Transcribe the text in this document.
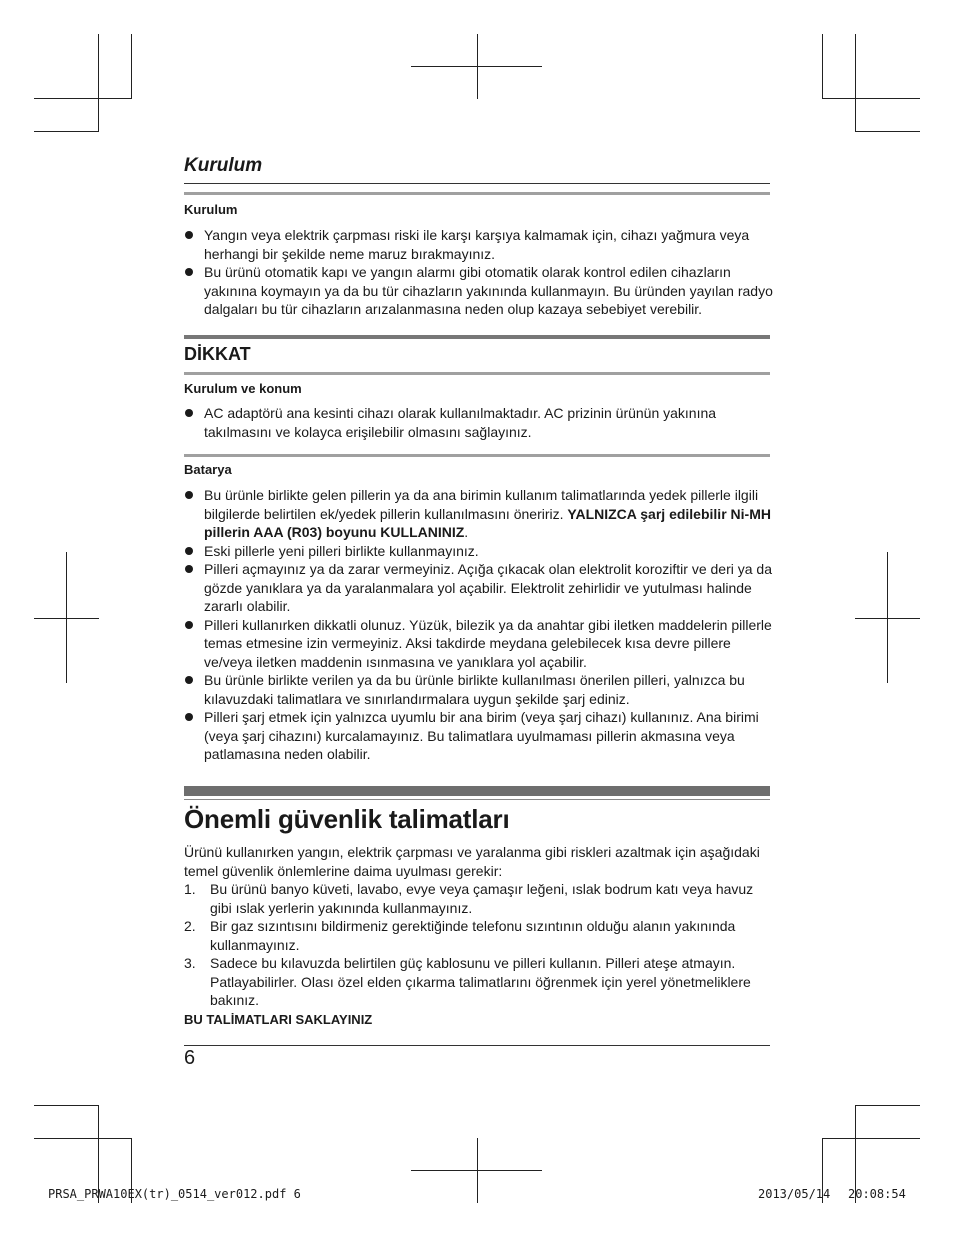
Kurulum
Kurulum
Yangın veya elektrik çarpması riski ile karşı karşıya kalmamak için, cihazı yağmura veya herhangi bir şekilde neme maruz bırakmayınız.
Bu ürünü otomatik kapı ve yangın alarmı gibi otomatik olarak kontrol edilen cihazların yakınına koymayın ya da bu tür cihazların yakınında kullanmayın. Bu üründen yayılan radyo dalgaları bu tür cihazların arızalanmasına neden olup kazaya sebebiyet verebilir.
DİKKAT
Kurulum ve konum
AC adaptörü ana kesinti cihazı olarak kullanılmaktadır. AC prizinin ürünün yakınına takılmasını ve kolayca erişilebilir olmasını sağlayınız.
Batarya
Bu ürünle birlikte gelen pillerin ya da ana birimin kullanım talimatlarında yedek pillerle ilgili bilgilerde belirtilen ek/yedek pillerin kullanılmasını öneririz. YALNIZCA şarj edilebilir Ni-MH pillerin AAA (R03) boyunu KULLANINIZ.
Eski pillerle yeni pilleri birlikte kullanmayınız.
Pilleri açmayınız ya da zarar vermeyiniz. Açığa çıkacak olan elektrolit koroziftir ve deri ya da gözde yanıklara ya da yaralanmalara yol açabilir. Elektrolit zehirlidir ve yutulması halinde zararlı olabilir.
Pilleri kullanırken dikkatli olunuz. Yüzük, bilezik ya da anahtar gibi iletken maddelerin pillerle temas etmesine izin vermeyiniz. Aksi takdirde meydana gelebilecek kısa devre pillere ve/veya iletken maddenin ısınmasına ve yanıklara yol açabilir.
Bu ürünle birlikte verilen ya da bu ürünle birlikte kullanılması önerilen pilleri, yalnızca bu kılavuzdaki talimatlara ve sınırlandırmalara uygun şekilde şarj ediniz.
Pilleri şarj etmek için yalnızca uyumlu bir ana birim (veya şarj cihazı) kullanınız. Ana birimi (veya şarj cihazını) kurcalamayınız. Bu talimatlara uyulmaması pillerin akmasına veya patlamasına neden olabilir.
Önemli güvenlik talimatları
Ürünü kullanırken yangın, elektrik çarpması ve yaralanma gibi riskleri azaltmak için aşağıdaki temel güvenlik önlemlerine daima uyulması gerekir:
1. Bu ürünü banyo küveti, lavabo, evye veya çamaşır leğeni, ıslak bodrum katı veya havuz gibi ıslak yerlerin yakınında kullanmayınız.
2. Bir gaz sızıntısını bildirmeniz gerektiğinde telefonu sızıntının olduğu alanın yakınında kullanmayınız.
3. Sadece bu kılavuzda belirtilen güç kablosunu ve pilleri kullanın. Pilleri ateşe atmayın. Patlayabilirler. Olası özel elden çıkarma talimatlarını öğrenmek için yerel yönetmeliklere bakınız.
BU TALİMATLARI SAKLAYINIZ
6
PRSA_PRWA10EX(tr)_0514_ver012.pdf 6	2013/05/14 20:08:54
